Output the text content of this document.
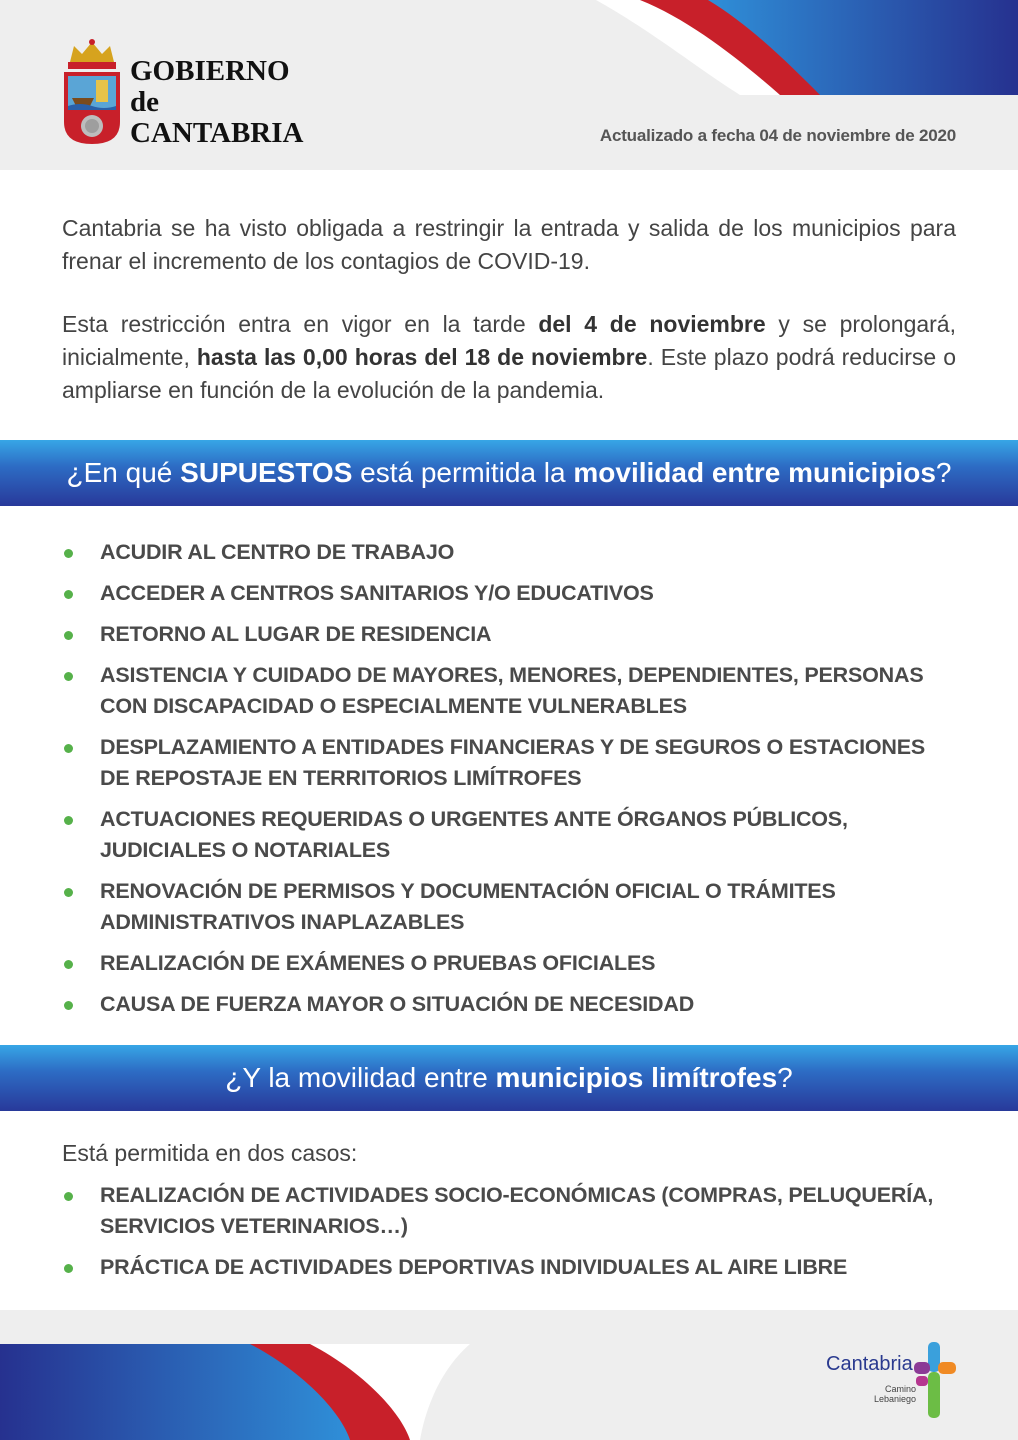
GOBIERNO
de
CANTABRIA	Actualizado a fecha 04 de noviembre de 2020

Cantabria se ha visto obligada a restringir la entrada y salida de los municipios para frenar el incremento de los contagios de COVID-19.

Esta restricción entra en vigor en la tarde del 4 de noviembre y se prolongará, inicialmente, hasta las 0,00 horas del 18 de noviembre. Este plazo podrá reducirse o ampliarse en función de la evolución de la pandemia.

¿En qué SUPUESTOS está permitida la movilidad entre municipios?
ACUDIR AL CENTRO DE TRABAJO
ACCEDER A CENTROS SANITARIOS Y/O EDUCATIVOS
RETORNO AL LUGAR DE RESIDENCIA
ASISTENCIA Y CUIDADO DE MAYORES, MENORES, DEPENDIENTES, PERSONAS CON DISCAPACIDAD O ESPECIALMENTE VULNERABLES
DESPLAZAMIENTO A ENTIDADES FINANCIERAS Y DE SEGUROS O ESTACIONES DE REPOSTAJE EN TERRITORIOS LIMÍTROFES
ACTUACIONES REQUERIDAS O URGENTES ANTE ÓRGANOS PÚBLICOS, JUDICIALES O NOTARIALES
RENOVACIÓN DE PERMISOS Y DOCUMENTACIÓN OFICIAL O TRÁMITES ADMINISTRATIVOS INAPLAZABLES
REALIZACIÓN DE EXÁMENES O PRUEBAS OFICIALES
CAUSA DE FUERZA MAYOR O SITUACIÓN DE NECESIDAD
¿Y la movilidad entre municipios limítrofes?
Está permitida en dos casos:
REALIZACIÓN DE ACTIVIDADES SOCIO-ECONÓMICAS (COMPRAS, PELUQUERÍA, SERVICIOS VETERINARIOS…)
PRÁCTICA DE ACTIVIDADES DEPORTIVAS INDIVIDUALES AL AIRE LIBRE
Cantabria
Camino
Lebaniego
